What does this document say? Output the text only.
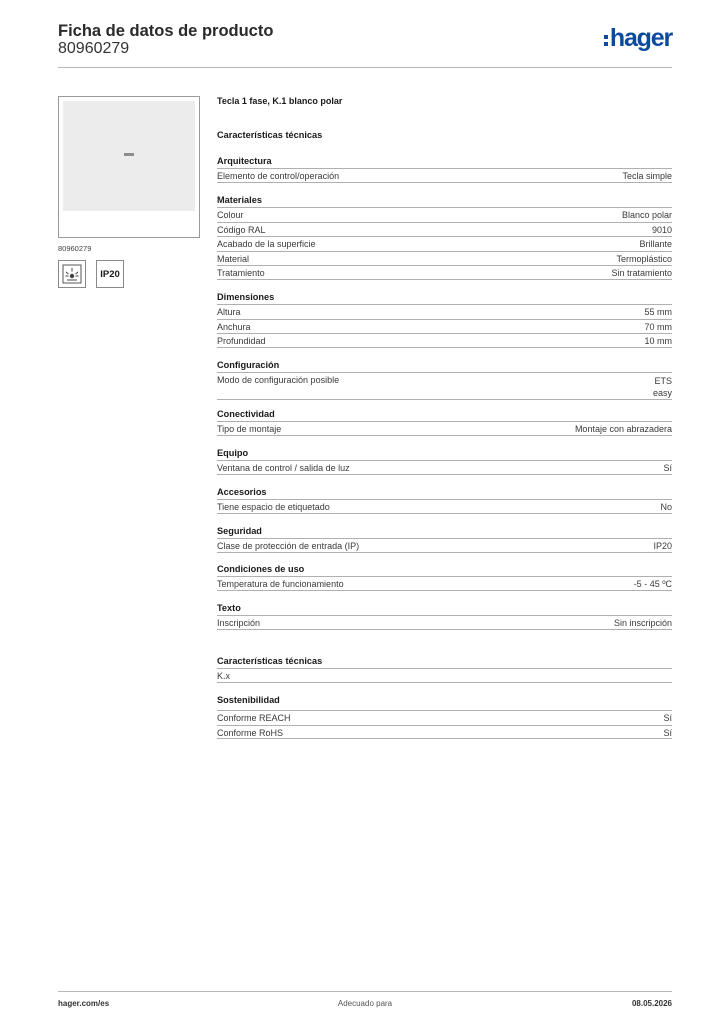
Ficha de datos de producto
80960279	hager
80960279
IP20
Tecla 1 fase, K.1 blanco polar
Características técnicas
Arquitectura
Elemento de control/operación	Tecla simple
Materiales
Colour	Blanco polar
Código RAL	9010
Acabado de la superficie	Brillante
Material	Termoplástico
Tratamiento	Sin tratamiento
Dimensiones
Altura	55 mm
Anchura	70 mm
Profundidad	10 mm
Configuración
Modo de configuración posible	ETS
easy
Conectividad
Tipo de montaje	Montaje con abrazadera
Equipo
Ventana de control / salida de luz	Sí
Accesorios
Tiene espacio de etiquetado	No
Seguridad
Clase de protección de entrada (IP)	IP20
Condiciones de uso
Temperatura de funcionamiento	-5 - 45 ºC
Texto
Inscripción	Sin inscripción
Características técnicas
K.x
Sostenibilidad
Conforme REACH	Sí
Conforme RoHS	Sí
hager.com/es	Adecuado para	08.05.2026
